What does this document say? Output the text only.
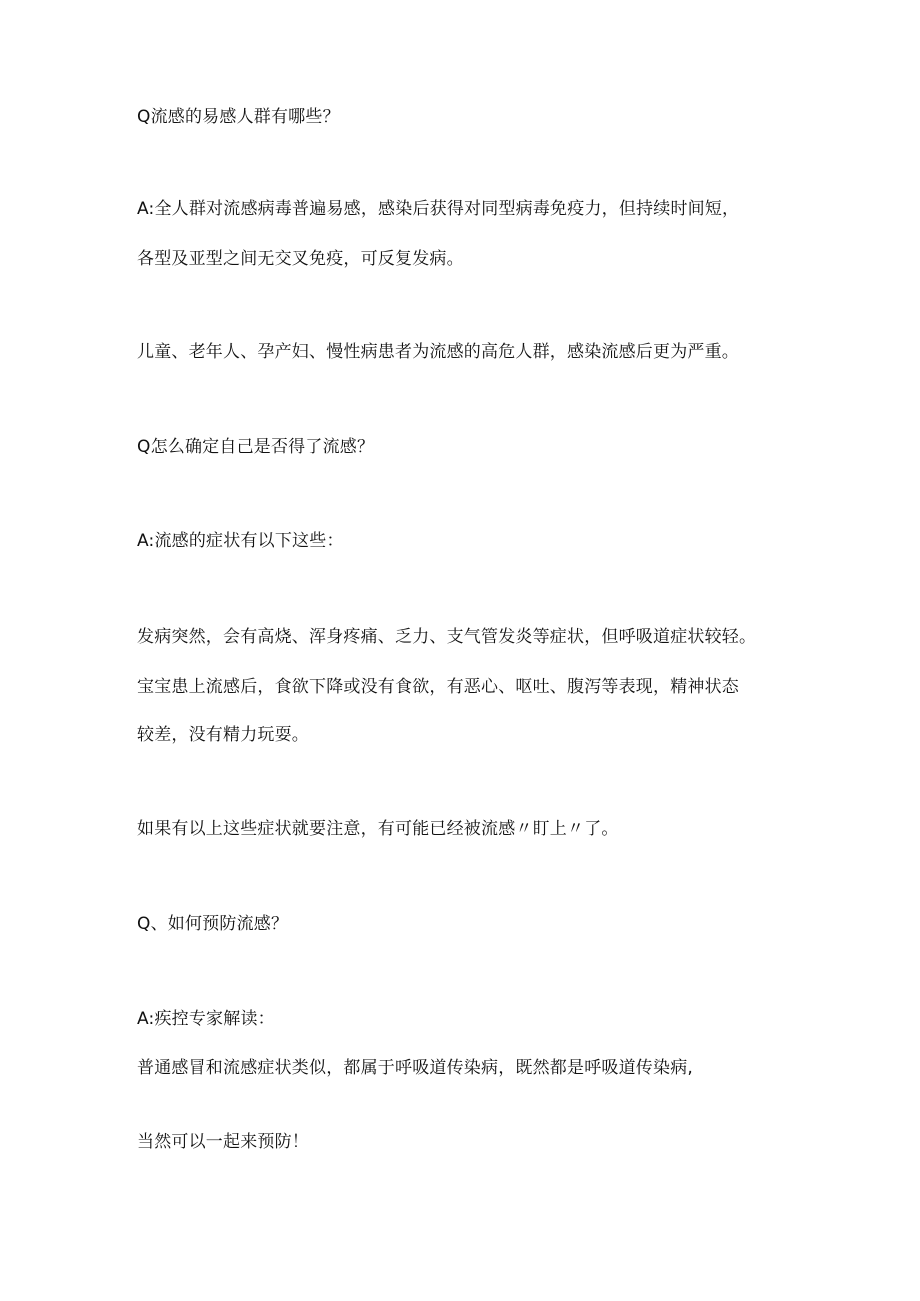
Q流感的易感人群有哪些？
A:全人群对流感病毒普遍易感，感染后获得对同型病毒免疫力，但持续时间短，
各型及亚型之间无交叉免疫，可反复发病。
儿童、老年人、孕产妇、慢性病患者为流感的高危人群，感染流感后更为严重。
Q怎么确定自己是否得了流感？
A:流感的症状有以下这些：
发病突然，会有高烧、浑身疼痛、乏力、支气管发炎等症状，但呼吸道症状较轻。
宝宝患上流感后，食欲下降或没有食欲，有恶心、呕吐、腹泻等表现，精神状态
较差，没有精力玩耍。
如果有以上这些症状就要注意，有可能已经被流感〃盯上〃了。
Q、如何预防流感？
A:疾控专家解读：
普通感冒和流感症状类似，都属于呼吸道传染病，既然都是呼吸道传染病,
当然可以一起来预防！
